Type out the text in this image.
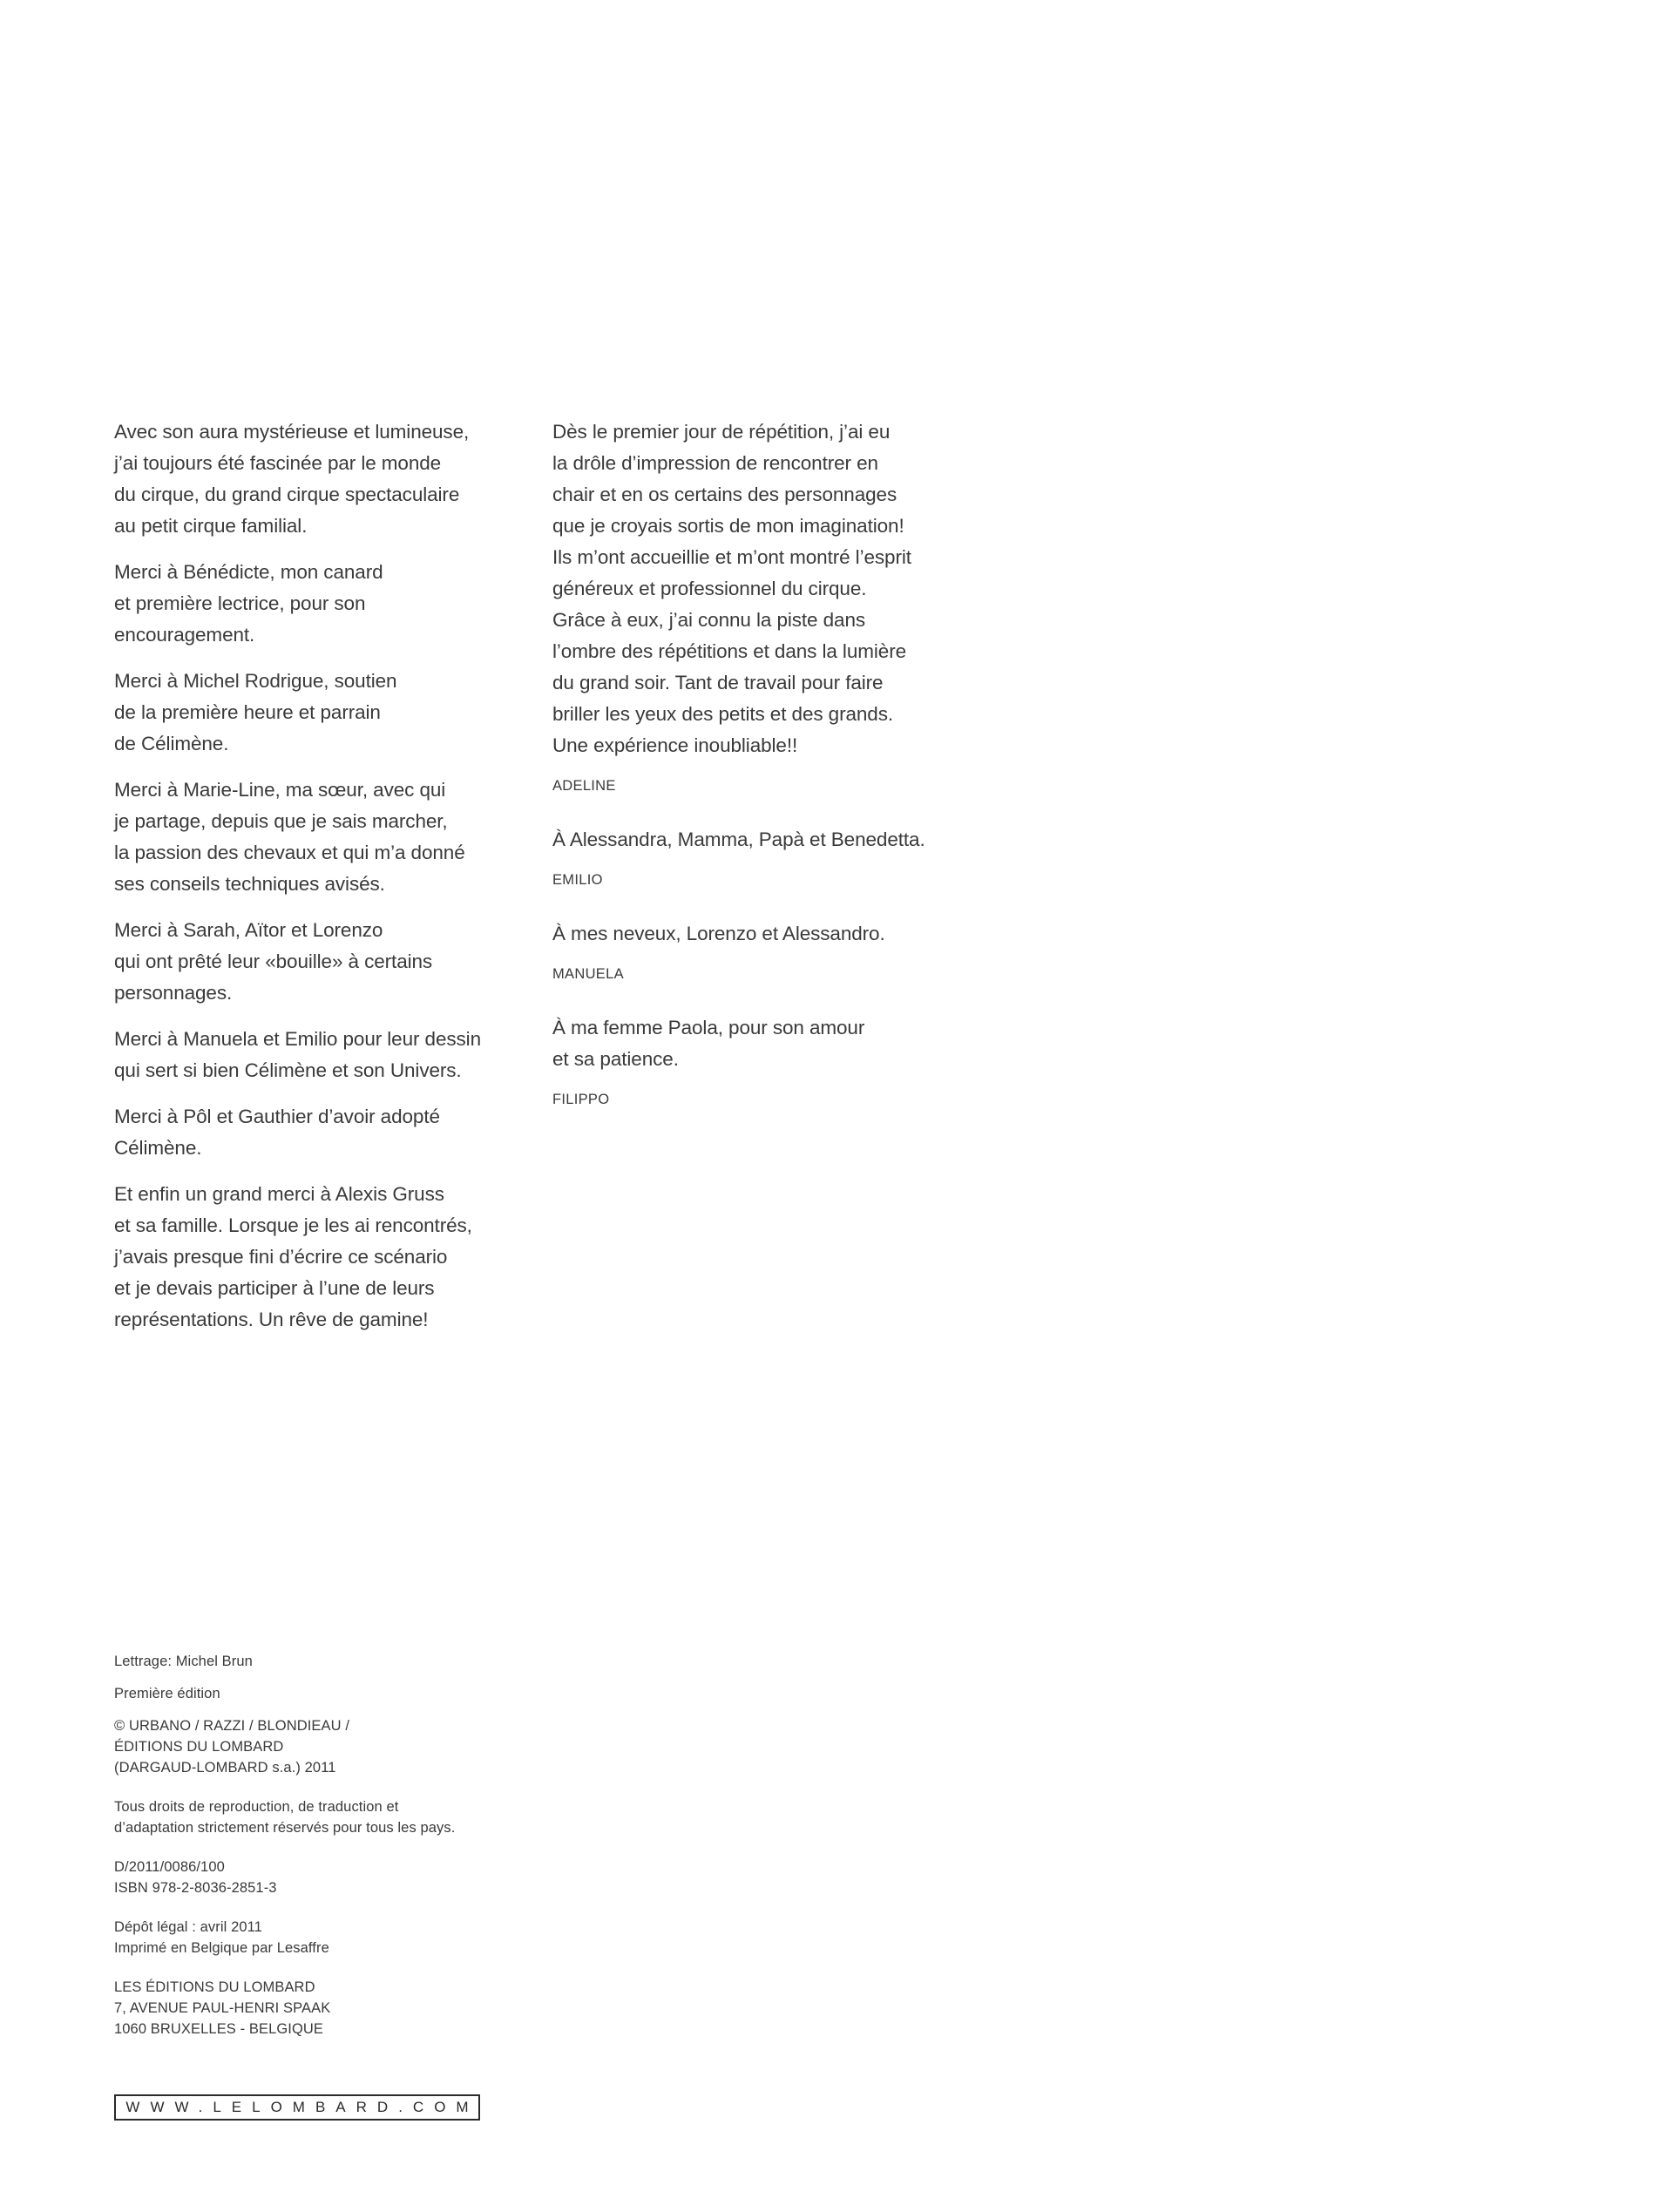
Avec son aura mystérieuse et lumineuse,
j’ai toujours été fascinée par le monde
du cirque, du grand cirque spectaculaire
au petit cirque familial.

Merci à Bénédicte, mon canard
et première lectrice, pour son
encouragement.

Merci à Michel Rodrigue, soutien
de la première heure et parrain
de Célimène.

Merci à Marie-Line, ma sœur, avec qui
je partage, depuis que je sais marcher,
la passion des chevaux et qui m’a donné
ses conseils techniques avisés.

Merci à Sarah, Aïtor et Lorenzo
qui ont prêté leur «bouille» à certains
personnages.

Merci à Manuela et Emilio pour leur dessin
qui sert si bien Célimène et son Univers.

Merci à Pôl et Gauthier d’avoir adopté
Célimène.

Et enfin un grand merci à Alexis Gruss
et sa famille. Lorsque je les ai rencontrés,
j’avais presque fini d’écrire ce scénario
et je devais participer à l’une de leurs
représentations. Un rêve de gamine!

Dès le premier jour de répétition, j’ai eu
la drôle d’impression de rencontrer en
chair et en os certains des personnages
que je croyais sortis de mon imagination!
Ils m’ont accueillie et m’ont montré l’esprit
généreux et professionnel du cirque.
Grâce à eux, j’ai connu la piste dans
l’ombre des répétitions et dans la lumière
du grand soir. Tant de travail pour faire
briller les yeux des petits et des grands.
Une expérience inoubliable!!

ADELINE

À Alessandra, Mamma, Papà et Benedetta.

EMILIO

À mes neveux, Lorenzo et Alessandro.

MANUELA

À ma femme Paola, pour son amour
et sa patience.

FILIPPO
Lettrage: Michel Brun
Première édition
© URBANO / RAZZI / BLONDIEAU /
ÉDITIONS DU LOMBARD
(DARGAUD-LOMBARD s.a.) 2011
Tous droits de reproduction, de traduction et
d’adaptation strictement réservés pour tous les pays.
D/2011/0086/100
ISBN 978-2-8036-2851-3
Dépôt légal : avril 2011
Imprimé en Belgique par Lesaffre
LES ÉDITIONS DU LOMBARD
7, AVENUE PAUL-HENRI SPAAK
1060 BRUXELLES - BELGIQUE
WWW.LELOMBARD.COM
